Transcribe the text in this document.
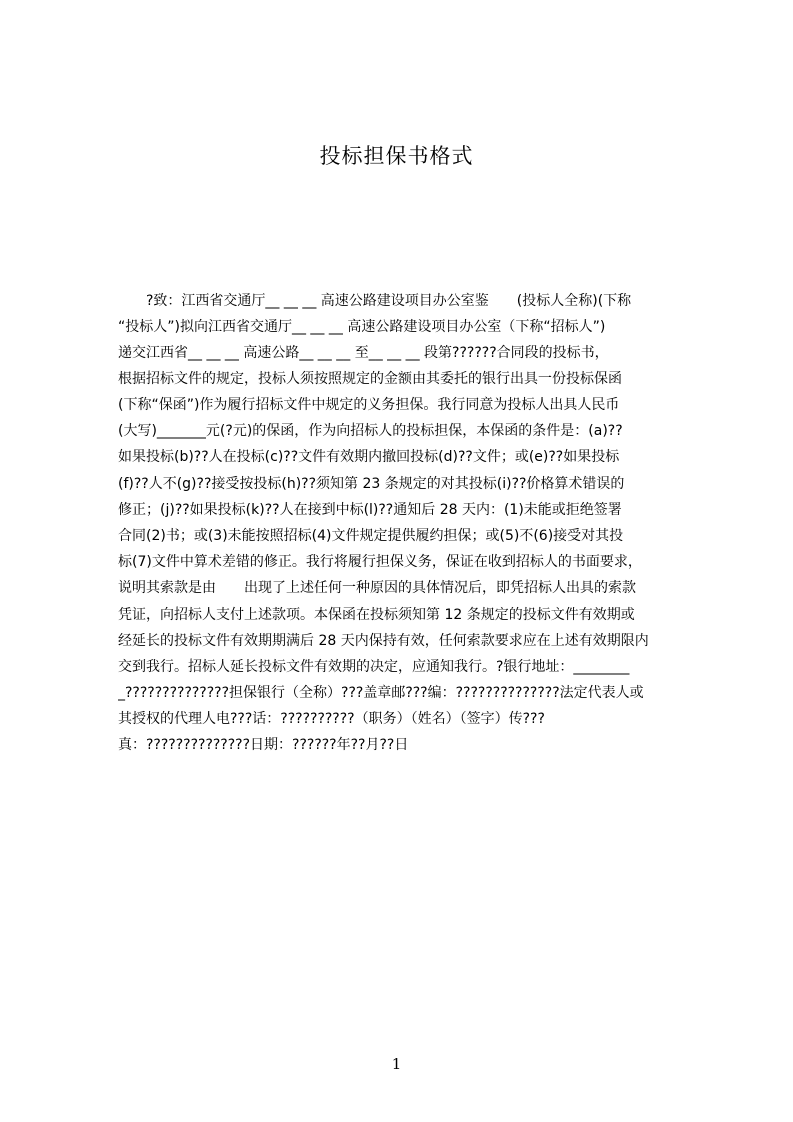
投标担保书格式
　　?致：江西省交通厅__ __ __ 高速公路建设项目办公室鉴　　(投标人全称)(下称
“投标人”)拟向江西省交通厅__ __ __ 高速公路建设项目办公室（下称“招标人”)
递交江西省__ __ __ 高速公路__ __ __ 至__ __ __ 段第??????合同段的投标书，
根据招标文件的规定，投标人须按照规定的金额由其委托的银行出具一份投标保函
(下称“保函”)作为履行招标文件中规定的义务担保。我行同意为投标人出具人民币
(大写)_______元(?元)的保函，作为向招标人的投标担保，本保函的条件是：(a)??
如果投标(b)??人在投标(c)??文件有效期内撤回投标(d)??文件；或(e)??如果投标
(f)??人不(g)??接受按投标(h)??须知第 23 条规定的对其投标(i)??价格算术错误的
修正；(j)??如果投标(k)??人在接到中标(l)??通知后 28 天内：(1)未能或拒绝签署
合同(2)书；或(3)未能按照招标(4)文件规定提供履约担保；或(5)不(6)接受对其投
标(7)文件中算术差错的修正。我行将履行担保义务，保证在收到招标人的书面要求，
说明其索款是由　　出现了上述任何一种原因的具体情况后，即凭招标人出具的索款
凭证，向招标人支付上述款项。本保函在投标须知第 12 条规定的投标文件有效期或
经延长的投标文件有效期期满后 28 天内保持有效，任何索款要求应在上述有效期限内
交到我行。招标人延长投标文件有效期的决定，应通知我行。?银行地址：________
_??????????????担保银行（全称）???盖章邮???编：??????????????法定代表人或
其授权的代理人电???话：??????????（职务）（姓名）（签字）传???
真：??????????????日期：??????年??月??日
1
